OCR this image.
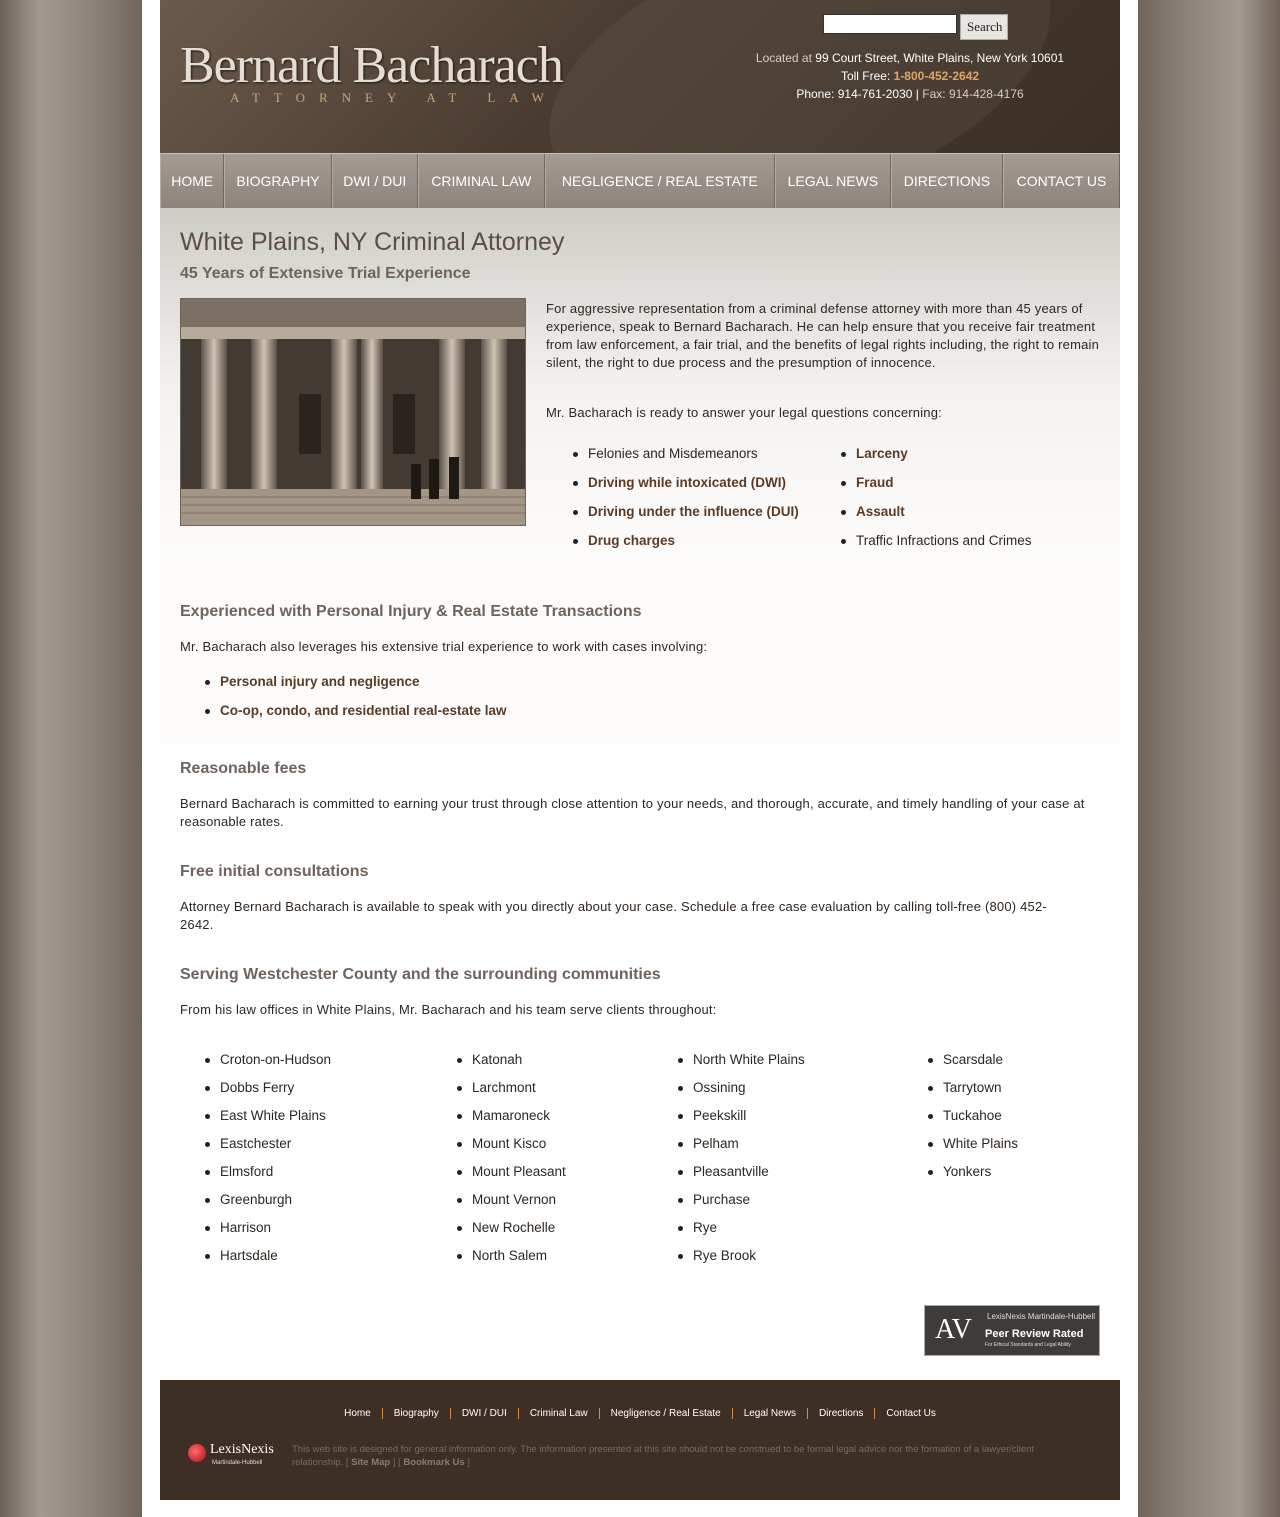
Bernard Bacharach
ATTORNEY AT LAW
Search
Located at 99 Court Street, White Plains, New York 10601
Toll Free: 1-800-452-2642
Phone: 914-761-2030 | Fax: 914-428-4176
HOME	BIOGRAPHY	DWI / DUI	CRIMINAL LAW	NEGLIGENCE / REAL ESTATE	LEGAL NEWS	DIRECTIONS	CONTACT US
White Plains, NY Criminal Attorney
45 Years of Extensive Trial Experience

For aggressive representation from a criminal defense attorney with more than 45 years of experience, speak to Bernard Bacharach. He can help ensure that you receive fair treatment from law enforcement, a fair trial, and the benefits of legal rights including, the right to remain silent, the right to due process and the presumption of innocence.

Mr. Bacharach is ready to answer your legal questions concerning:

Felonies and Misdemeanors
Driving while intoxicated (DWI)
Driving under the influence (DUI)
Drug charges
Larceny
Fraud
Assault
Traffic Infractions and Crimes
Experienced with Personal Injury & Real Estate Transactions

Mr. Bacharach also leverages his extensive trial experience to work with cases involving:

Personal injury and negligence
Co-op, condo, and residential real-estate law
Reasonable fees

Bernard Bacharach is committed to earning your trust through close attention to your needs, and thorough, accurate, and timely handling of your case at reasonable rates.

Free initial consultations

Attorney Bernard Bacharach is available to speak with you directly about your case. Schedule a free case evaluation by calling toll-free (800) 452-2642.

Serving Westchester County and the surrounding communities

From his law offices in White Plains, Mr. Bacharach and his team serve clients throughout:

Croton-on-Hudson
Dobbs Ferry
East White Plains
Eastchester
Elmsford
Greenburgh
Harrison
Hartsdale
Katonah
Larchmont
Mamaroneck
Mount Kisco
Mount Pleasant
Mount Vernon
New Rochelle
North Salem
North White Plains
Ossining
Peekskill
Pelham
Pleasantville
Purchase
Rye
Rye Brook
Scarsdale
Tarrytown
Tuckahoe
White Plains
Yonkers
AV LexisNexis Martindale-Hubbell
Peer Review Rated
For Ethical Standards and Legal Ability
Home	Biography	DWI / DUI	Criminal Law	Negligence / Real Estate	Legal News	Directions	Contact Us
LexisNexis
Martindale-Hubbell
This web site is designed for general information only. The information presented at this site should not be construed to be formal legal advice nor the formation of a lawyer/client relationship. [ Site Map ] [ Bookmark Us ]
